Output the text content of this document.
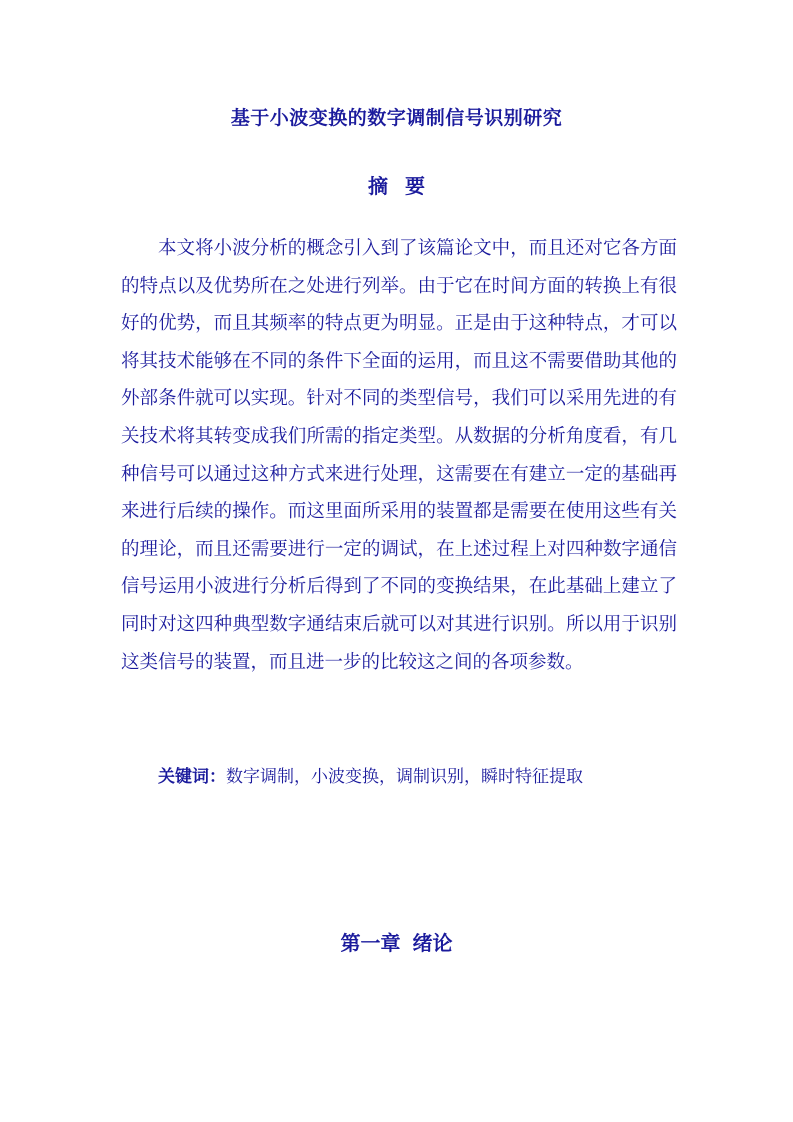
基于小波变换的数字调制信号识别研究
摘 要

本文将小波分析的概念引入到了该篇论文中，而且还对它各方面的特点以及优势所在之处进行列举。由于它在时间方面的转换上有很好的优势，而且其频率的特点更为明显。正是由于这种特点，才可以将其技术能够在不同的条件下全面的运用，而且这不需要借助其他的外部条件就可以实现。针对不同的类型信号，我们可以采用先进的有关技术将其转变成我们所需的指定类型。从数据的分析角度看，有几种信号可以通过这种方式来进行处理，这需要在有建立一定的基础再来进行后续的操作。而这里面所采用的装置都是需要在使用这些有关的理论，而且还需要进行一定的调试，在上述过程上对四种数字通信信号运用小波进行分析后得到了不同的变换结果，在此基础上建立了同时对这四种典型数字通结束后就可以对其进行识别。所以用于识别这类信号的装置，而且进一步的比较这之间的各项参数。

关键词：数字调制，小波变换，调制识别，瞬时特征提取

第一章 绪论
